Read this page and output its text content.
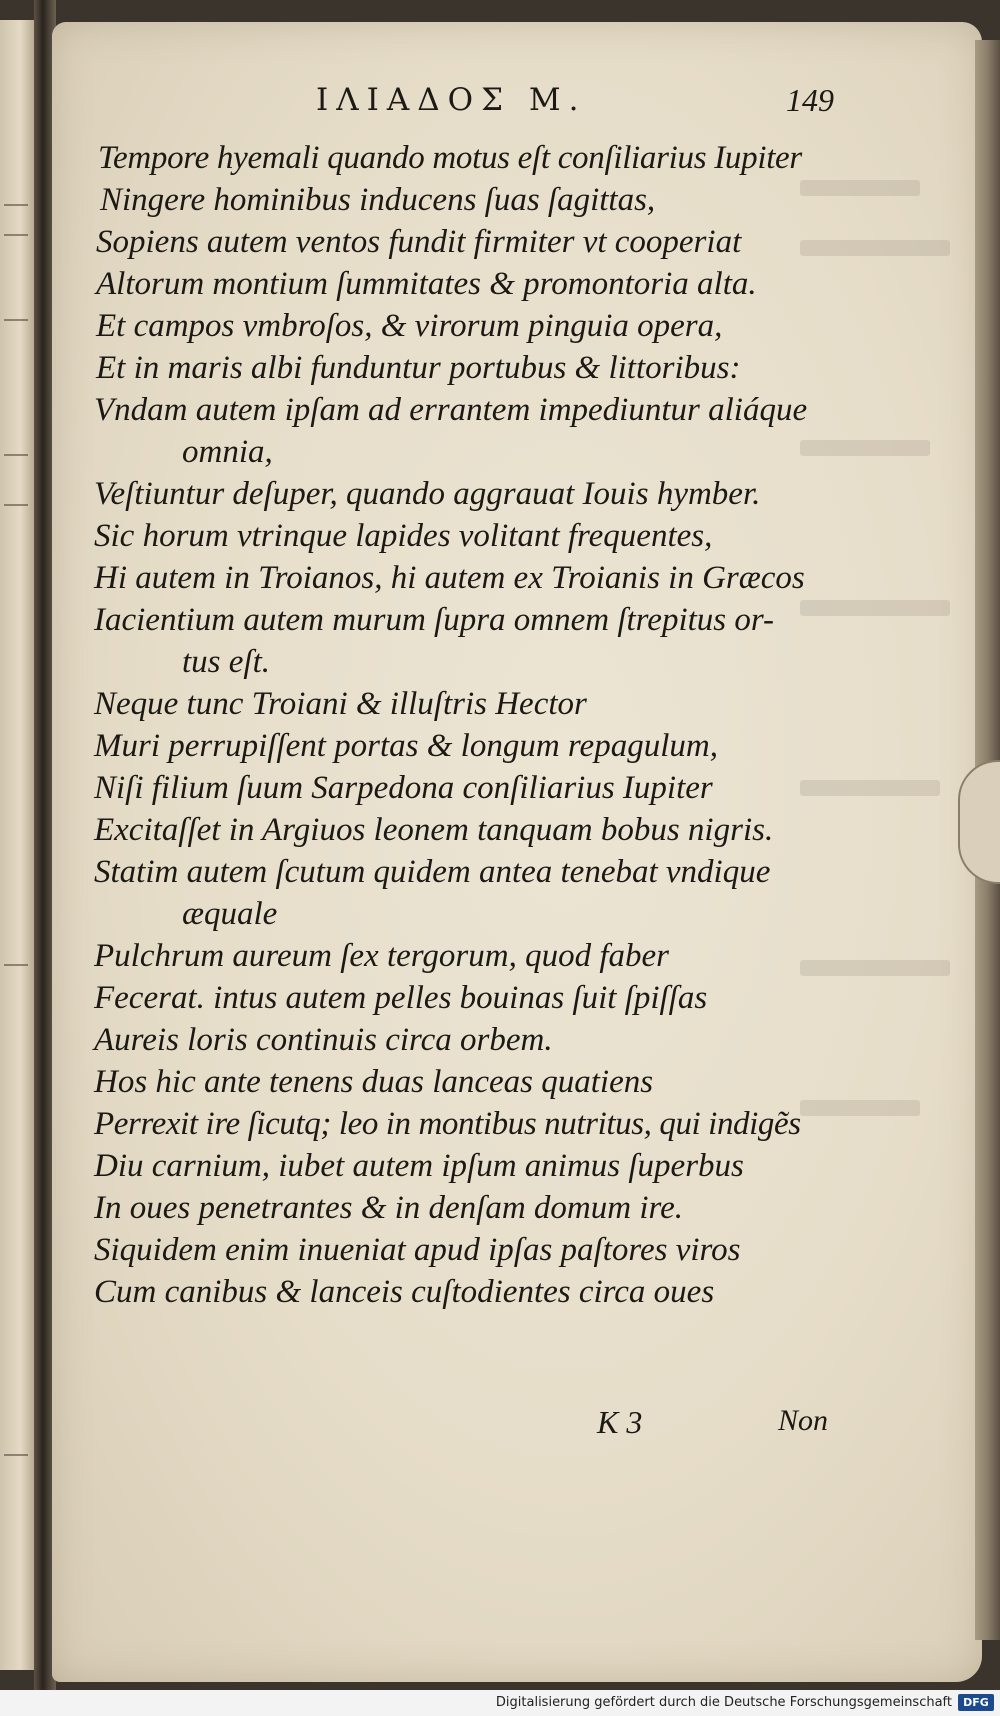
ΙΛΙΑΔΟΣ Μ.	149
Tempore hyemali quando motus eſt conſiliarius Iupiter
Ningere hominibus inducens ſuas ſagittas,
Sopiens autem ventos fundit firmiter vt cooperiat
Altorum montium ſummitates & promontoria alta.
Et campos vmbroſos, & virorum pinguia opera,
Et in maris albi funduntur portubus & littoribus:
Vndam autem ipſam ad errantem impediuntur aliáque
omnia,
Veſtiuntur deſuper, quando aggrauat Iouis hymber.
Sic horum vtrinque lapides volitant frequentes,
Hi autem in Troianos, hi autem ex Troianis in Græcos
Iacientium autem murum ſupra omnem ſtrepitus or-
tus eſt.
Neque tunc Troiani & illuſtris Hector
Muri perrupiſſent portas & longum repagulum,
Niſi filium ſuum Sarpedona conſiliarius Iupiter
Excitaſſet in Argiuos leonem tanquam bobus nigris.
Statim autem ſcutum quidem antea tenebat vndique
æquale
Pulchrum aureum ſex tergorum, quod faber
Fecerat. intus autem pelles bouinas ſuit ſpiſſas
Aureis loris continuis circa orbem.
Hos hic ante tenens duas lanceas quatiens
Perrexit ire ſicutq; leo in montibus nutritus, qui indigẽs
Diu carnium, iubet autem ipſum animus ſuperbus
In oues penetrantes & in denſam domum ire.
Siquidem enim inueniat apud ipſas paſtores viros
Cum canibus & lanceis cuſtodientes circa oues
K 3	Non
Digitalisierung gefördert durch die Deutsche Forschungsgemeinschaft	DFG
